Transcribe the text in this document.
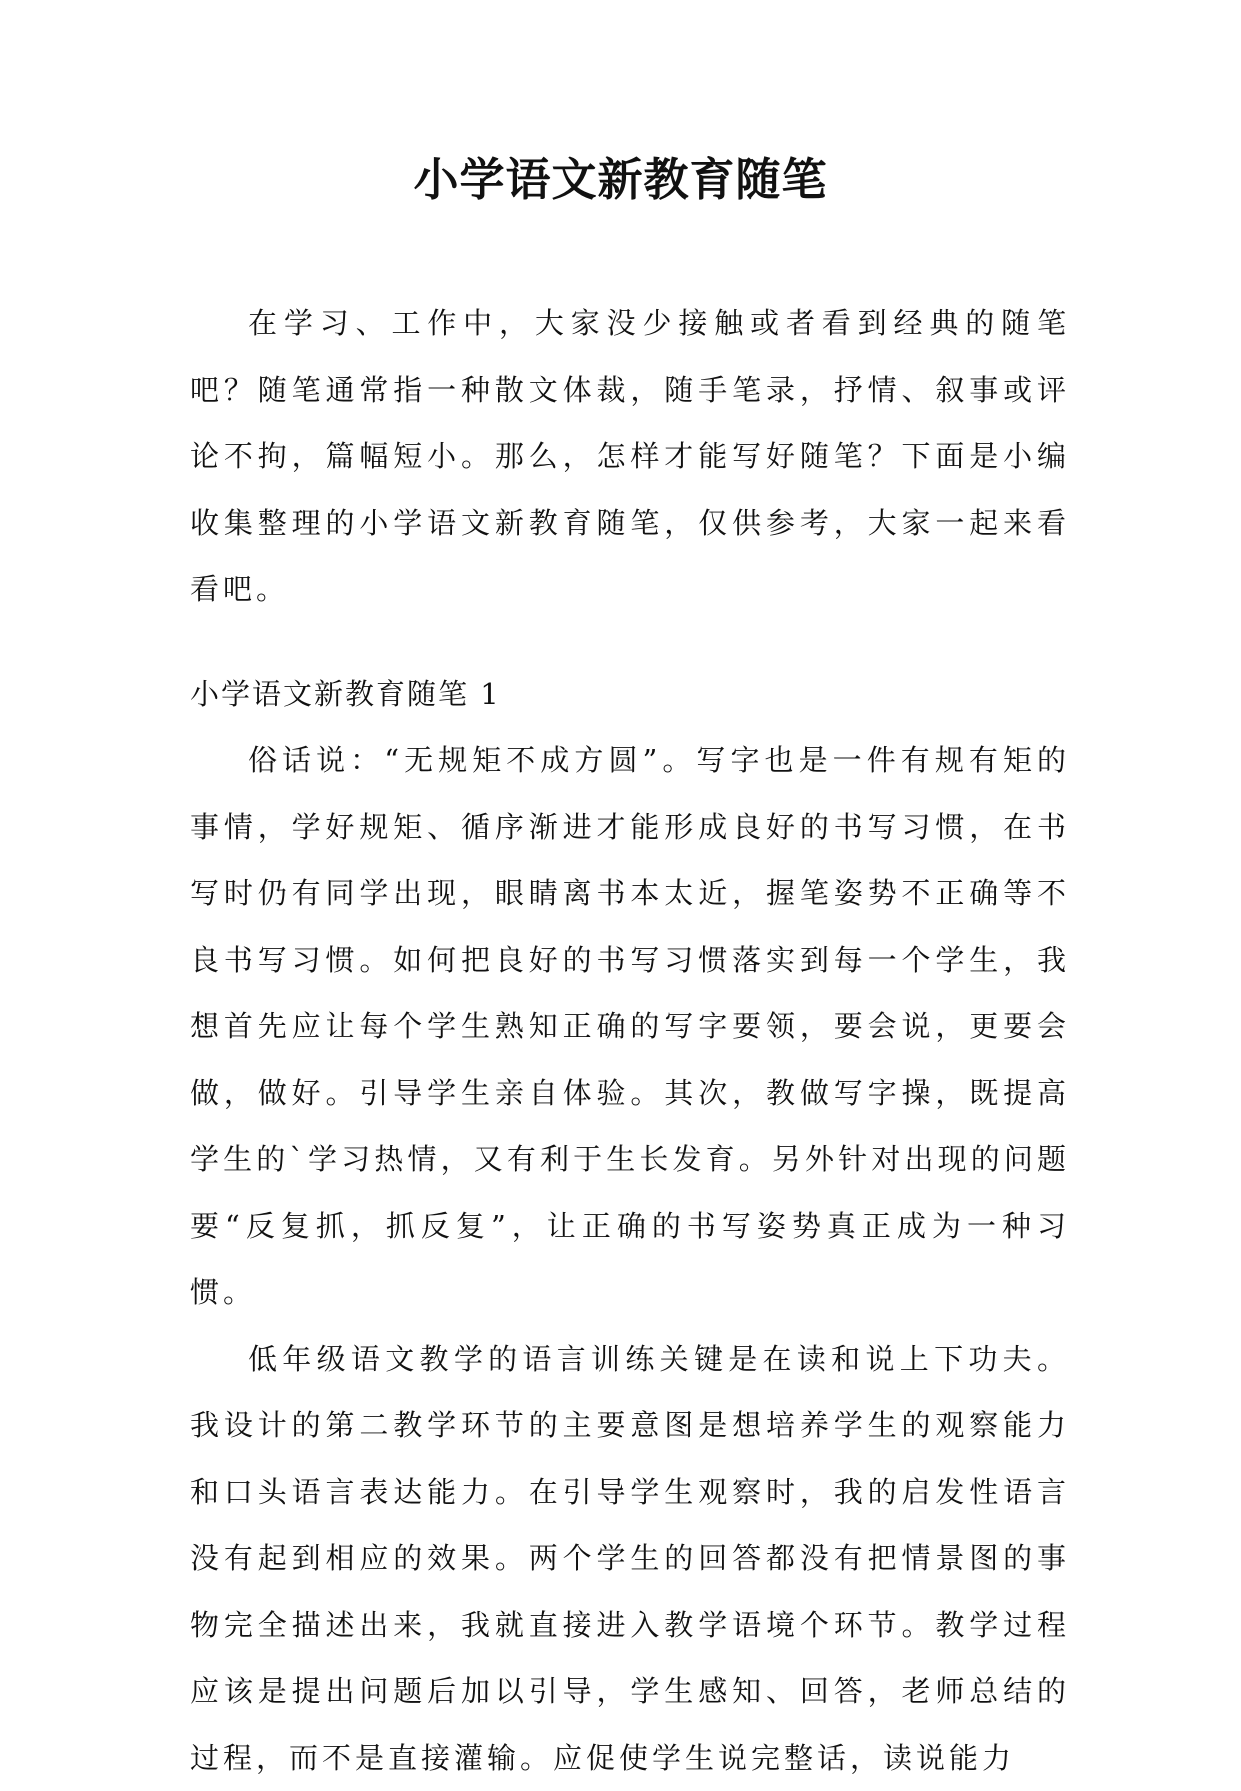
小学语文新教育随笔

在学习、工作中，大家没少接触或者看到经典的随笔吧？随笔通常指一种散文体裁，随手笔录，抒情、叙事或评论不拘，篇幅短小。那么，怎样才能写好随笔？下面是小编收集整理的小学语文新教育随笔，仅供参考，大家一起来看看吧。

小学语文新教育随笔 1

俗话说：“无规矩不成方圆”。写字也是一件有规有矩的事情，学好规矩、循序渐进才能形成良好的书写习惯，在书写时仍有同学出现，眼睛离书本太近，握笔姿势不正确等不良书写习惯。如何把良好的书写习惯落实到每一个学生，我想首先应让每个学生熟知正确的写字要领，要会说，更要会做，做好。引导学生亲自体验。其次，教做写字操，既提高学生的`学习热情，又有利于生长发育。另外针对出现的问题要“反复抓，抓反复”，让正确的书写姿势真正成为一种习惯。

低年级语文教学的语言训练关键是在读和说上下功夫。我设计的第二教学环节的主要意图是想培养学生的观察能力和口头语言表达能力。在引导学生观察时，我的启发性语言没有起到相应的效果。两个学生的回答都没有把情景图的事物完全描述出来，我就直接进入教学语境个环节。教学过程应该是提出问题后加以引导，学生感知、回答，老师总结的过程，而不是直接灌输。应促使学生说完整话，读说能力
